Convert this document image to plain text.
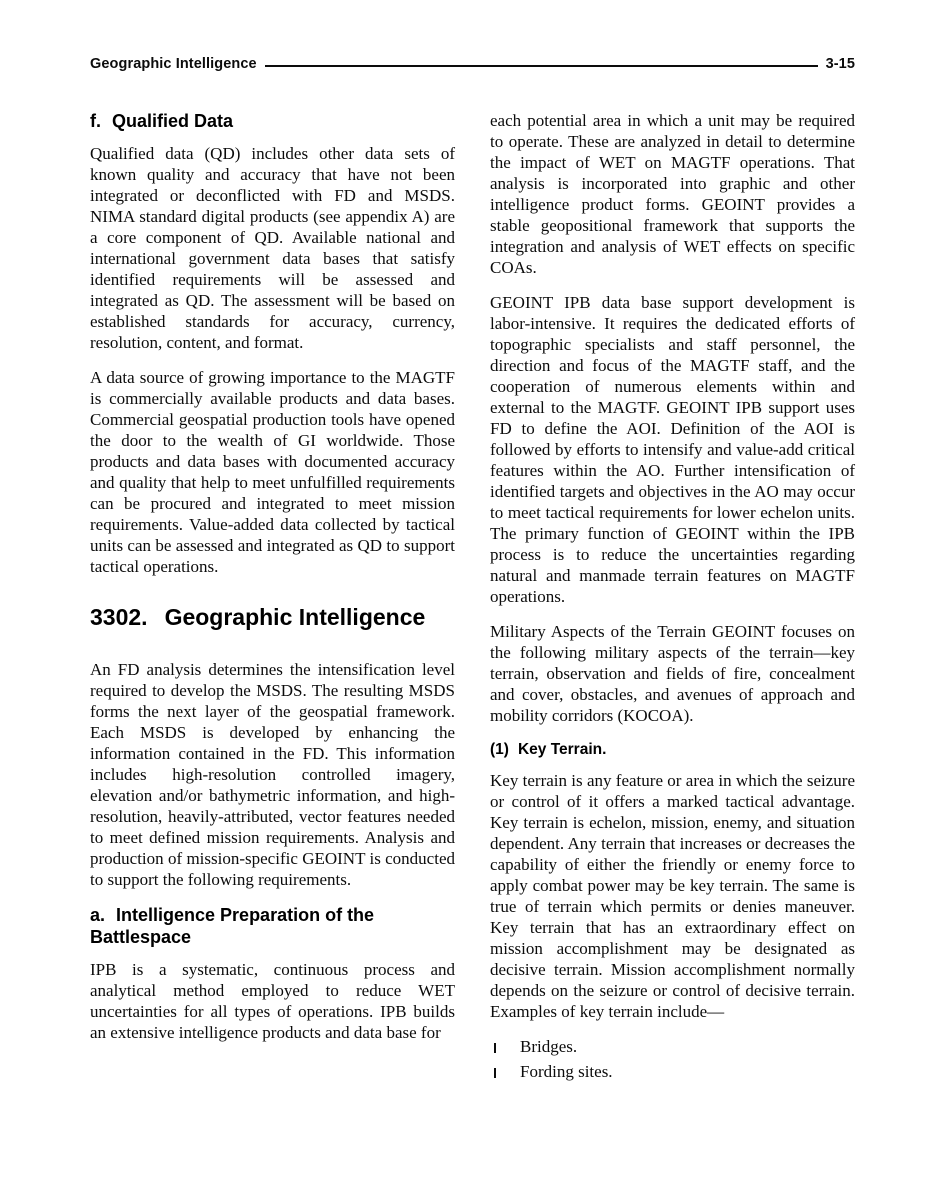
Geographic Intelligence	3-15
f. Qualified Data

Qualified data (QD) includes other data sets of known quality and accuracy that have not been integrated or deconflicted with FD and MSDS. NIMA standard digital products (see appendix A) are a core component of QD. Available national and international government data bases that satisfy identified requirements will be assessed and integrated as QD. The assessment will be based on established standards for accuracy, currency, resolution, content, and format.

A data source of growing importance to the MAGTF is commercially available products and data bases. Commercial geospatial production tools have opened the door to the wealth of GI worldwide. Those products and data bases with documented accuracy and quality that help to meet unfulfilled requirements can be procured and integrated to meet mission requirements. Value-added data collected by tactical units can be assessed and integrated as QD to support tactical operations.

3302. Geographic Intelligence

An FD analysis determines the intensification level required to develop the MSDS. The resulting MSDS forms the next layer of the geospatial framework. Each MSDS is developed by enhancing the information contained in the FD. This information includes high-resolution controlled imagery, elevation and/or bathymetric information, and high-resolution, heavily-attributed, vector features needed to meet defined mission requirements. Analysis and production of mission-specific GEOINT is conducted to support the following requirements.

a. Intelligence Preparation of the Battlespace

IPB is a systematic, continuous process and analytical method employed to reduce WET uncertainties for all types of operations. IPB builds an extensive intelligence products and data base for

each potential area in which a unit may be required to operate. These are analyzed in detail to determine the impact of WET on MAGTF operations. That analysis is incorporated into graphic and other intelligence product forms. GEOINT provides a stable geopositional framework that supports the integration and analysis of WET effects on specific COAs.

GEOINT IPB data base support development is labor-intensive. It requires the dedicated efforts of topographic specialists and staff personnel, the direction and focus of the MAGTF staff, and the cooperation of numerous elements within and external to the MAGTF. GEOINT IPB support uses FD to define the AOI. Definition of the AOI is followed by efforts to intensify and value-add critical features within the AO. Further intensification of identified targets and objectives in the AO may occur to meet tactical requirements for lower echelon units. The primary function of GEOINT within the IPB process is to reduce the uncertainties regarding natural and manmade terrain features on MAGTF operations.

Military Aspects of the Terrain GEOINT focuses on the following military aspects of the terrain—key terrain, observation and fields of fire, concealment and cover, obstacles, and avenues of approach and mobility corridors (KOCOA).

(1) Key Terrain.

Key terrain is any feature or area in which the seizure or control of it offers a marked tactical advantage. Key terrain is echelon, mission, enemy, and situation dependent. Any terrain that increases or decreases the capability of either the friendly or enemy force to apply combat power may be key terrain. The same is true of terrain which permits or denies maneuver. Key terrain that has an extraordinary effect on mission accomplishment may be designated as decisive terrain. Mission accomplishment normally depends on the seizure or control of decisive terrain. Examples of key terrain include—

Bridges.
Fording sites.
